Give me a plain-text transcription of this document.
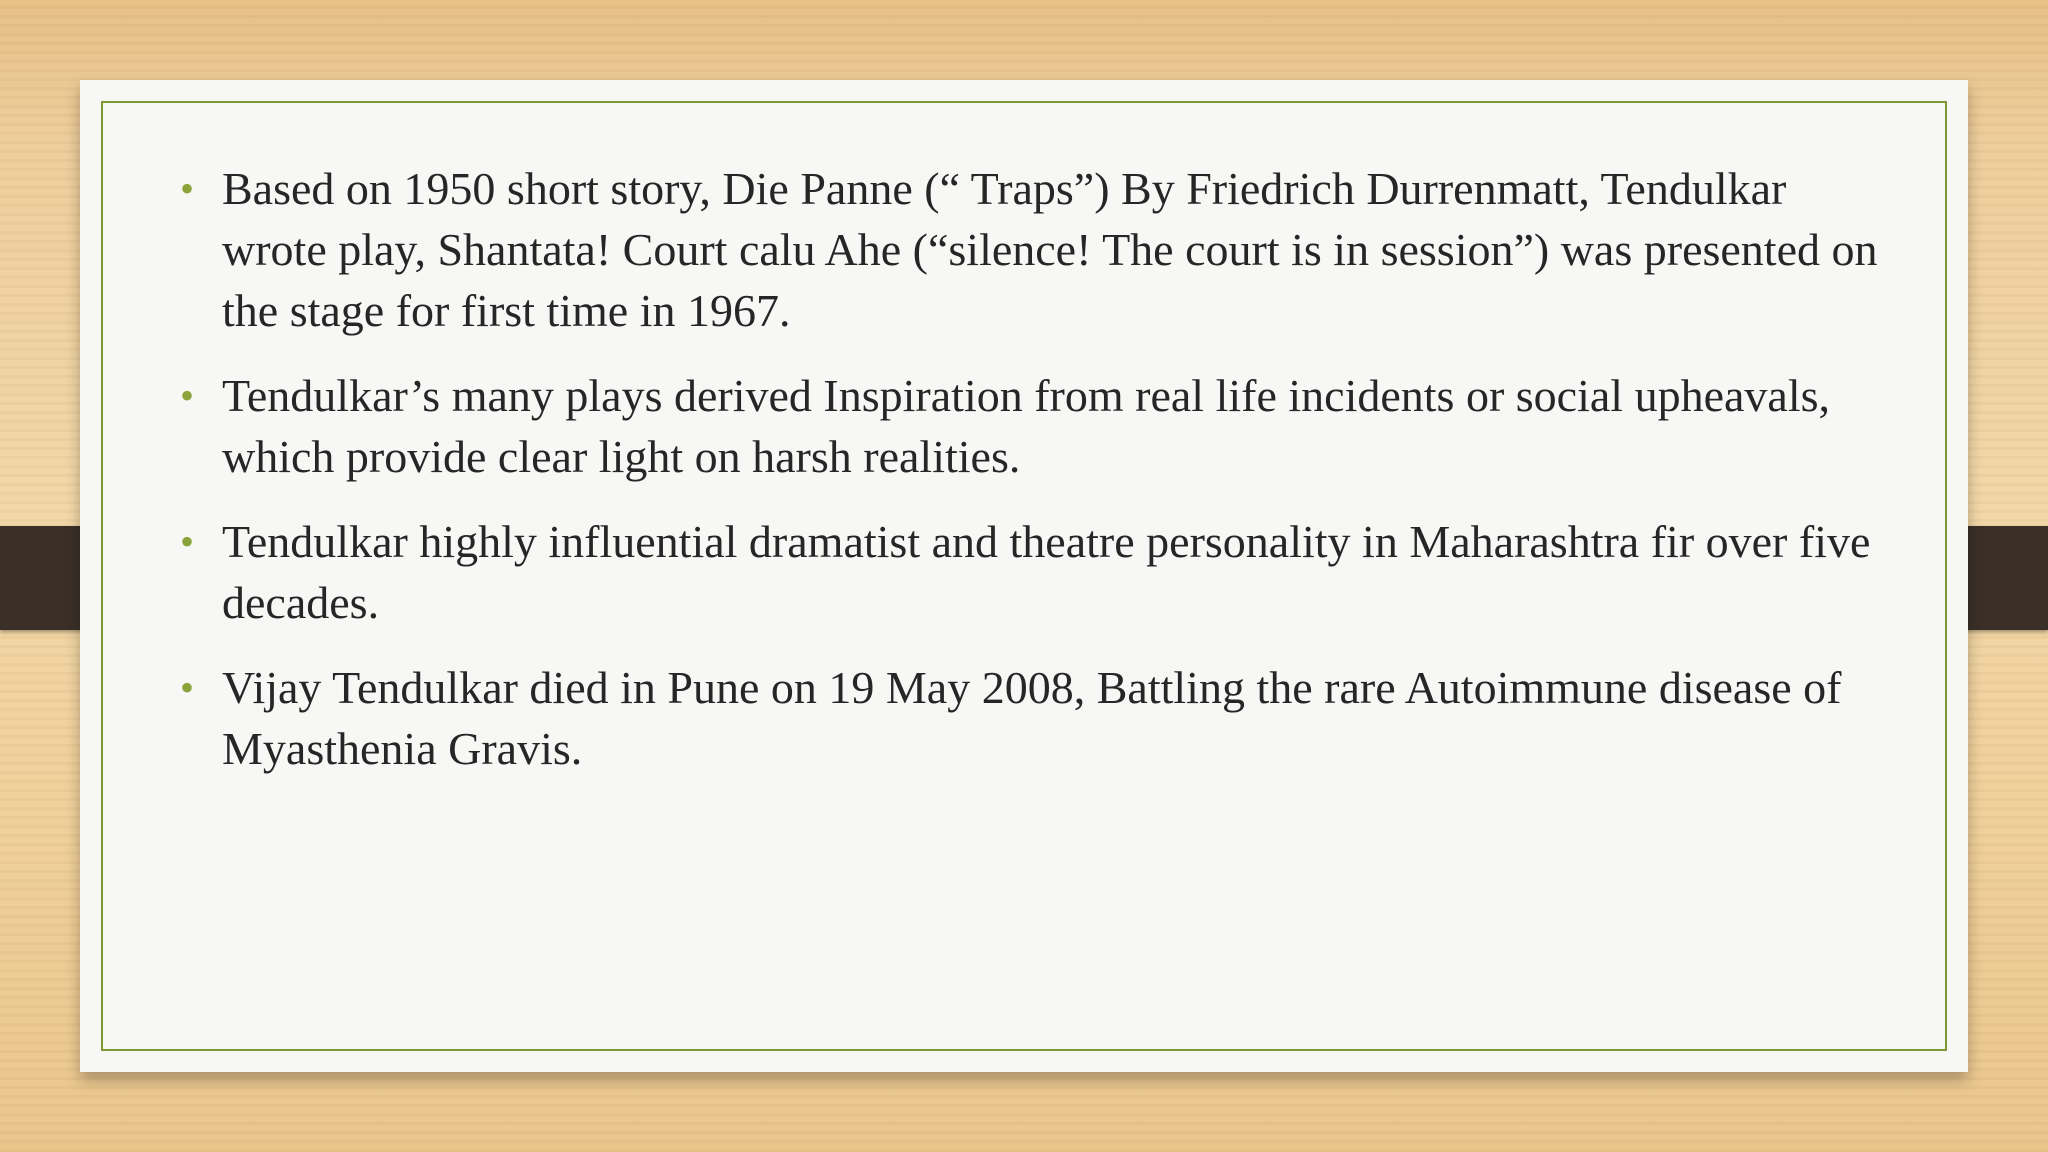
• Based on 1950 short story, Die Panne (“ Traps”) By Friedrich Durrenmatt, Tendulkar wrote play, Shantata! Court calu Ahe (“silence! The court is in session”) was presented on the stage for first time in 1967.
• Tendulkar’s many plays derived Inspiration from real life incidents or social upheavals, which provide clear light on harsh realities.
• Tendulkar highly influential dramatist and theatre personality in Maharashtra fir over five decades.
• Vijay Tendulkar died in Pune on 19 May 2008, Battling the rare Autoimmune disease of Myasthenia Gravis.
